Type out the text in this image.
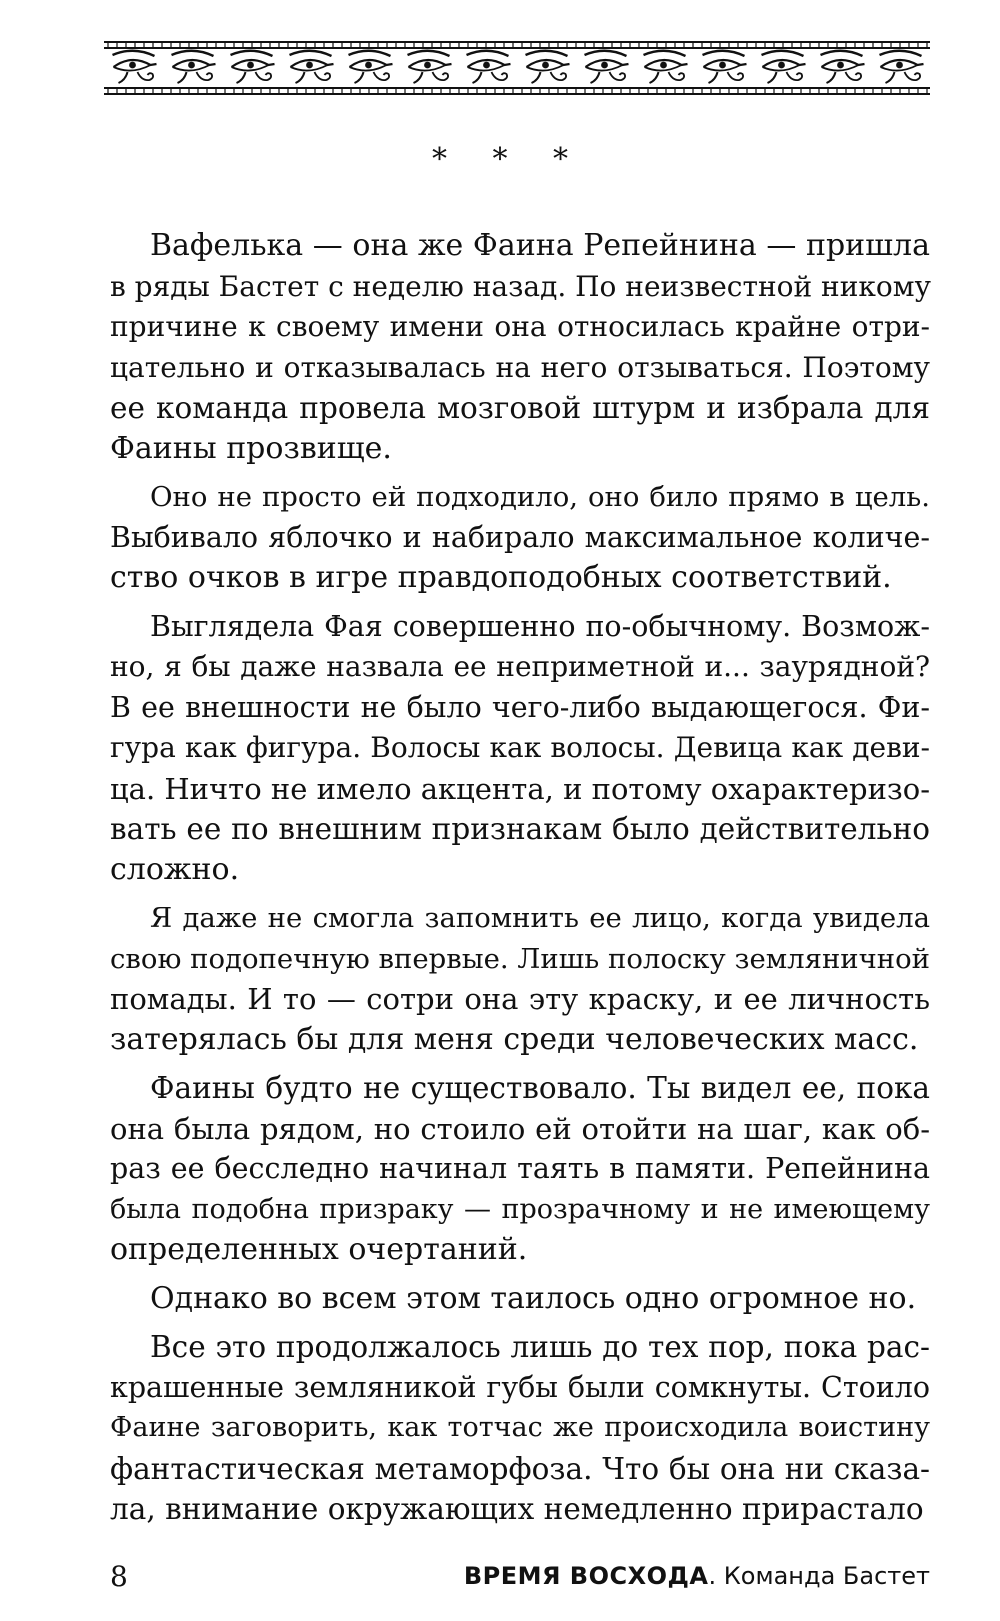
* * *
Вафелька — она же Фаина Репейнина — пришла
в ряды Бастет с неделю назад. По неизвестной никому
причине к своему имени она относилась крайне отри-
цательно и отказывалась на него отзываться. Поэтому
ее команда провела мозговой штурм и избрала для
Фаины прозвище.
Оно не просто ей подходило, оно било прямо в цель.
Выбивало яблочко и набирало максимальное количе-
ство очков в игре правдоподобных соответствий.
Выглядела Фая совершенно по-обычному. Возмож-
но, я бы даже назвала ее неприметной и... заурядной?
В ее внешности не было чего-либо выдающегося. Фи-
гура как фигура. Волосы как волосы. Девица как деви-
ца. Ничто не имело акцента, и потому охарактеризо-
вать ее по внешним признакам было действительно
сложно.
Я даже не смогла запомнить ее лицо, когда увидела
свою подопечную впервые. Лишь полоску земляничной
помады. И то — сотри она эту краску, и ее личность
затерялась бы для меня среди человеческих масс.
Фаины будто не существовало. Ты видел ее, пока
она была рядом, но стоило ей отойти на шаг, как об-
раз ее бесследно начинал таять в памяти. Репейнина
была подобна призраку — прозрачному и не имеющему
определенных очертаний.
Однако во всем этом таилось одно огромное но.
Все это продолжалось лишь до тех пор, пока рас-
крашенные земляникой губы были сомкнуты. Стоило
Фаине заговорить, как тотчас же происходила воистину
фантастическая метаморфоза. Что бы она ни сказа-
ла, внимание окружающих немедленно прирастало
8	ВРЕМЯ ВОСХОДА. Команда Бастет
